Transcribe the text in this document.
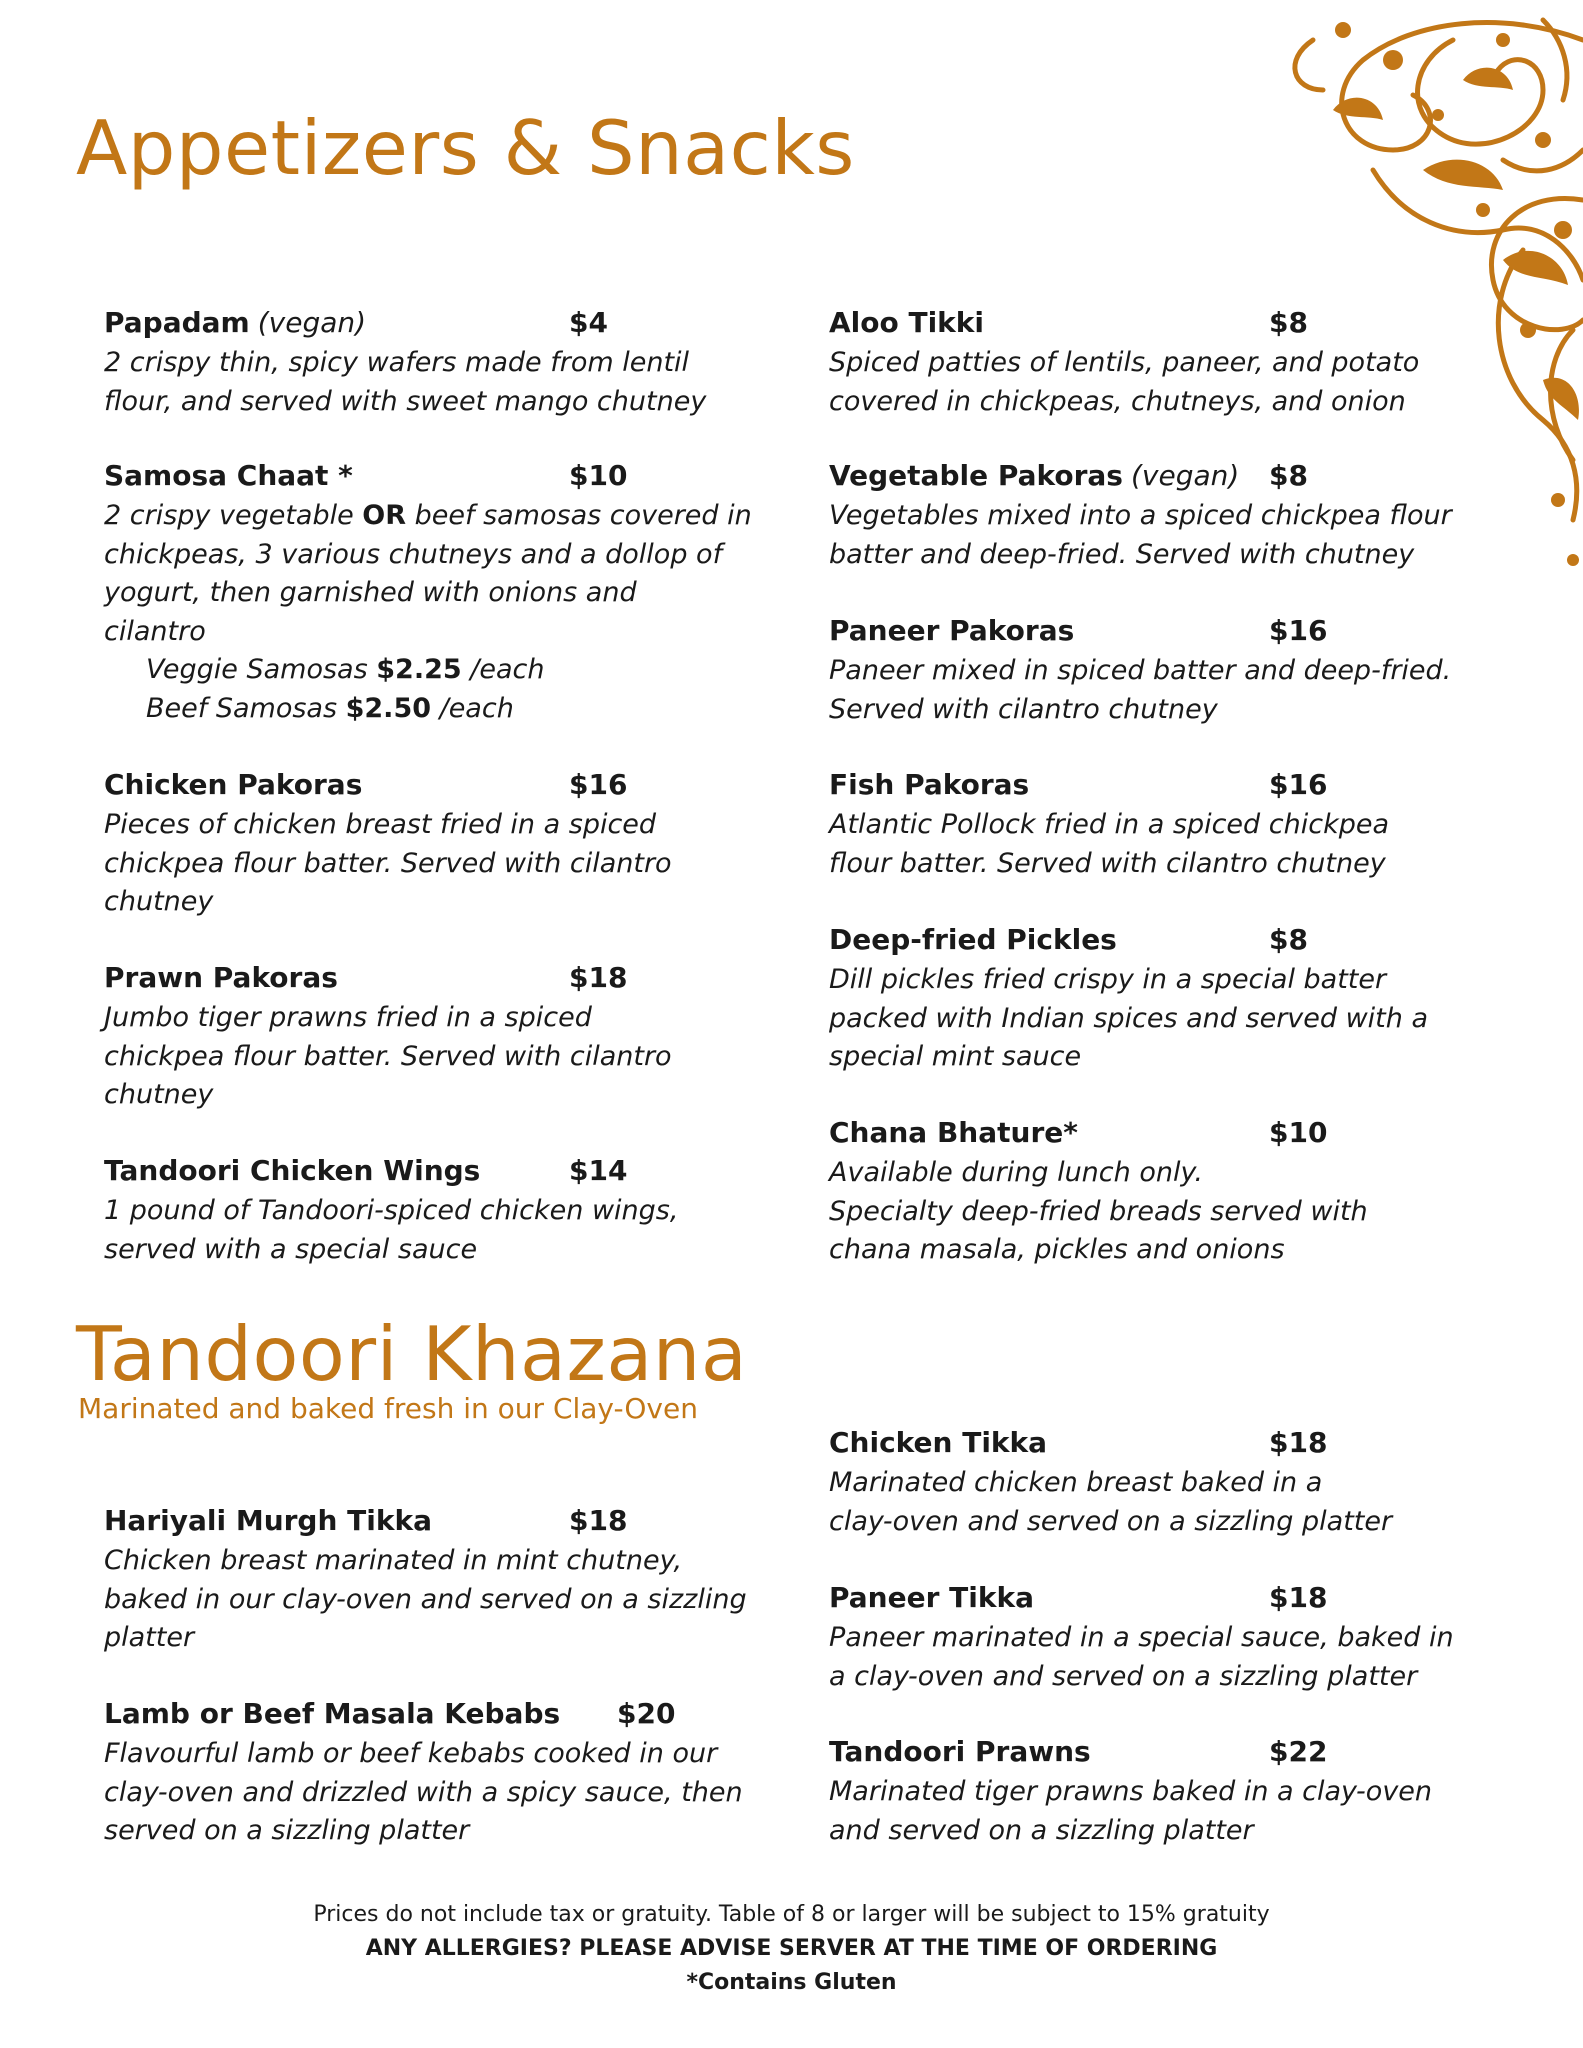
Appetizers & Snacks
Papadam (vegan)	$4

2 crispy thin, spicy wafers made from lentil
flour, and served with sweet mango chutney

Samosa Chaat *	$10

2 crispy vegetable OR beef samosas covered in
chickpeas, 3 various chutneys and a dollop of
yogurt, then garnished with onions and
cilantro

Veggie Samosas $2.25 /each
Beef Samosas $2.50 /each
Chicken Pakoras	$16

Pieces of chicken breast fried in a spiced
chickpea flour batter. Served with cilantro
chutney

Prawn Pakoras	$18

Jumbo tiger prawns fried in a spiced
chickpea flour batter. Served with cilantro
chutney

Tandoori Chicken Wings	$14

1 pound of Tandoori-spiced chicken wings,
served with a special sauce

Aloo Tikki	$8

Spiced patties of lentils, paneer, and potato
covered in chickpeas, chutneys, and onion

Vegetable Pakoras (vegan) $8

Vegetables mixed into a spiced chickpea flour
batter and deep-fried. Served with chutney

Paneer Pakoras	$16

Paneer mixed in spiced batter and deep-fried.
Served with cilantro chutney

Fish Pakoras	$16

Atlantic Pollock fried in a spiced chickpea
flour batter. Served with cilantro chutney

Deep-fried Pickles	$8

Dill pickles fried crispy in a special batter
packed with Indian spices and served with a
special mint sauce

Chana Bhature*	$10

Available during lunch only.
Specialty deep-fried breads served with
chana masala, pickles and onions

Tandoori Khazana

Marinated and baked fresh in our Clay-Oven

Hariyali Murgh Tikka	$18

Chicken breast marinated in mint chutney,
baked in our clay-oven and served on a sizzling
platter

Lamb or Beef Masala Kebabs $20

Flavourful lamb or beef kebabs cooked in our
clay-oven and drizzled with a spicy sauce, then
served on a sizzling platter

Chicken Tikka	$18

Marinated chicken breast baked in a
clay-oven and served on a sizzling platter

Paneer Tikka	$18

Paneer marinated in a special sauce, baked in
a clay-oven and served on a sizzling platter

Tandoori Prawns	$22

Marinated tiger prawns baked in a clay-oven
and served on a sizzling platter

Prices do not include tax or gratuity. Table of 8 or larger will be subject to 15% gratuity
ANY ALLERGIES? PLEASE ADVISE SERVER AT THE TIME OF ORDERING
*Contains Gluten
